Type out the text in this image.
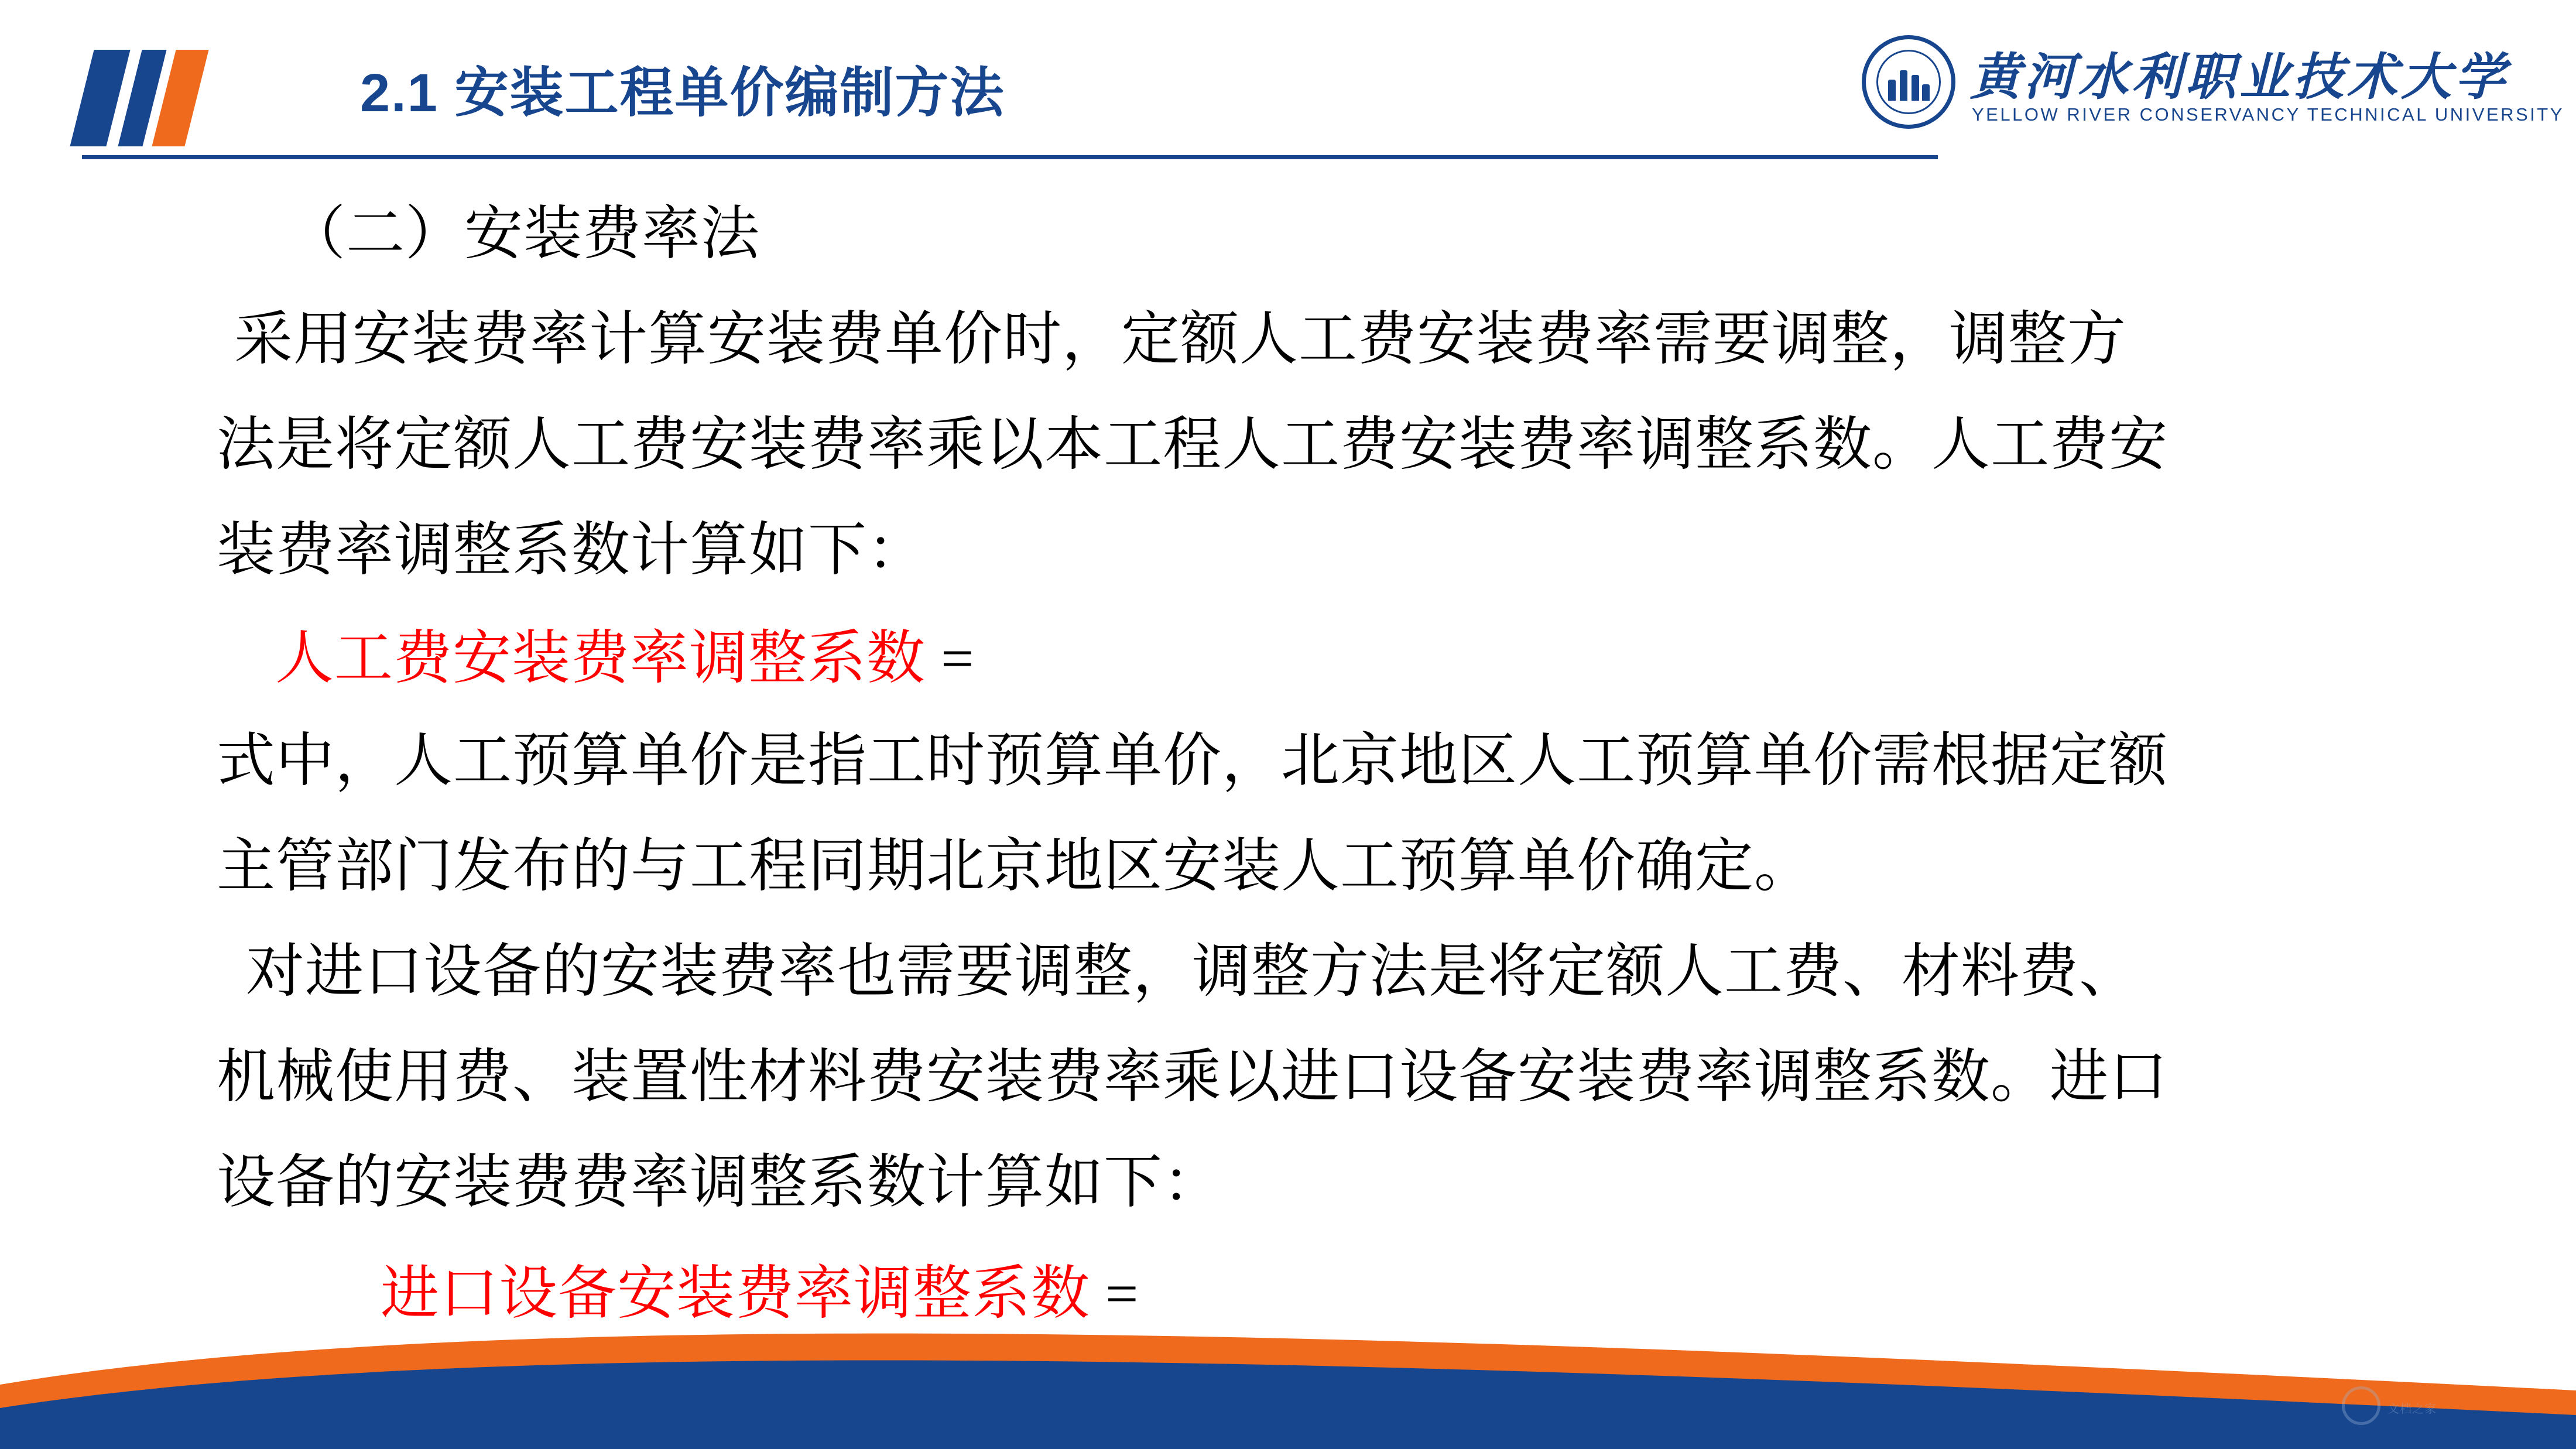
2.1 安装工程单价编制方法	黄河水利职业技术大学
YELLOW RIVER CONSERVANCY TECHNICAL UNIVERSITY
（二）安装费率法
采用安装费率计算安装费单价时，定额人工费安装费率需要调整，调整方
法是将定额人工费安装费率乘以本工程人工费安装费率调整系数。人工费安
装费率调整系数计算如下：
人工费安装费率调整系数 =
式中，人工预算单价是指工时预算单价，北京地区人工预算单价需根据定额
主管部门发布的与工程同期北京地区安装人工预算单价确定。
对进口设备的安装费率也需要调整，调整方法是将定额人工费、材料费、
机械使用费、装置性材料费安装费率乘以进口设备安装费率调整系数。进口
设备的安装费费率调整系数计算如下：
进口设备安装费率调整系数 =
文档之家
